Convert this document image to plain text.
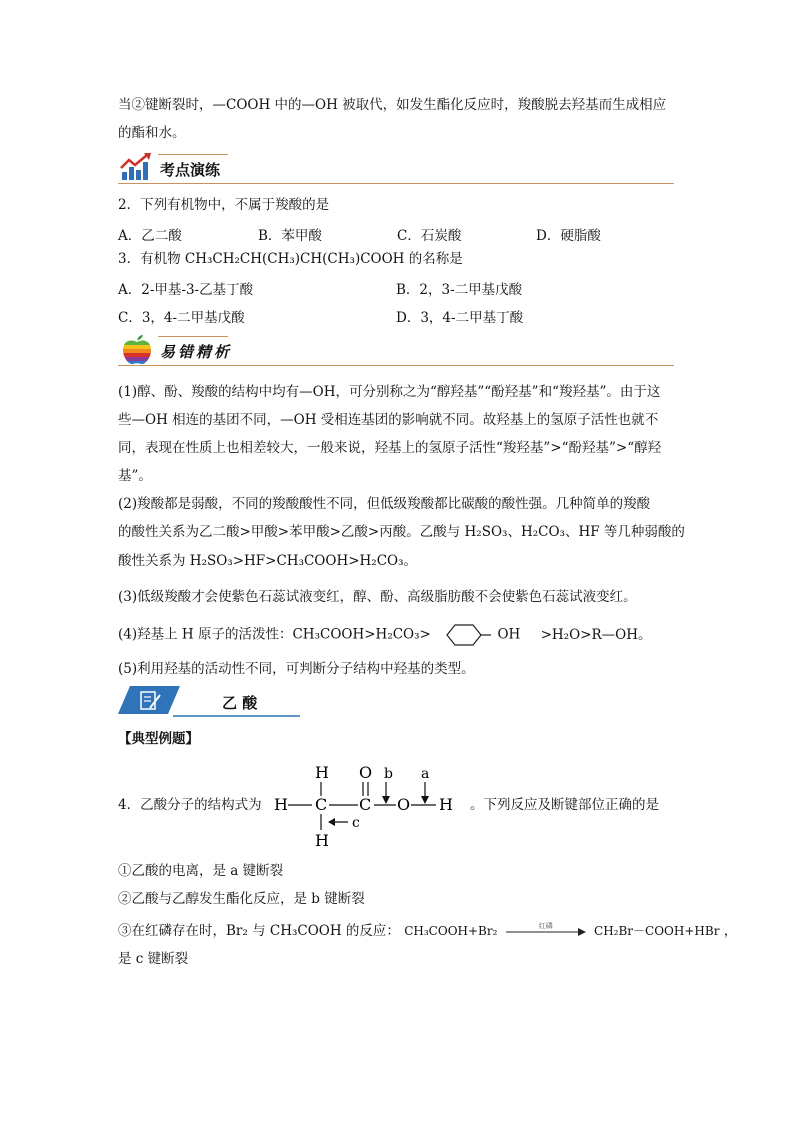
当②键断裂时，—COOH 中的—OH 被取代，如发生酯化反应时，羧酸脱去羟基而生成相应
的酯和水。
考点演练
2．下列有机物中，不属于羧酸的是
A．乙二酸	B．苯甲酸	C．石炭酸	D．硬脂酸
3．有机物 CH₃CH₂CH(CH₃)CH(CH₃)COOH 的名称是
A．2-甲基-3-乙基丁酸	B．2，3-二甲基戊酸
C．3，4-二甲基戊酸	D．3，4-二甲基丁酸
易错精析
(1)醇、酚、羧酸的结构中均有—OH，可分别称之为“醇羟基”“酚羟基”和“羧羟基”。由于这
些—OH 相连的基团不同，—OH 受相连基团的影响就不同。故羟基上的氢原子活性也就不
同，表现在性质上也相差较大，一般来说，羟基上的氢原子活性“羧羟基”>“酚羟基”>“醇羟
基”。
(2)羧酸都是弱酸，不同的羧酸酸性不同，但低级羧酸都比碳酸的酸性强。几种简单的羧酸
的酸性关系为乙二酸>甲酸>苯甲酸>乙酸>丙酸。乙酸与 H₂SO₃、H₂CO₃、HF 等几种弱酸的
酸性关系为 H₂SO₃>HF>CH₃COOH>H₂CO₃。
(3)低级羧酸才会使紫色石蕊试液变红，醇、酚、高级脂肪酸不会使紫色石蕊试液变红。
(4)羟基上 H 原子的活泼性：CH₃COOH>H₂CO₃>	OH >H₂O>R—OH。
(5)利用羟基的活动性不同，可判断分子结构中羟基的类型。
乙 酸
【典型例题】
4．乙酸分子的结构式为 H C C O H
H
H
O b a
c
。下列反应及断键部位正确的是
①乙酸的电离，是 a 键断裂
②乙酸与乙醇发生酯化反应，是 b 键断裂
③在红磷存在时，Br₂ 与 CH₃COOH 的反应： CH₃COOH+Br₂	红磷	CH₂Br－COOH+HBr ，
是 c 键断裂
